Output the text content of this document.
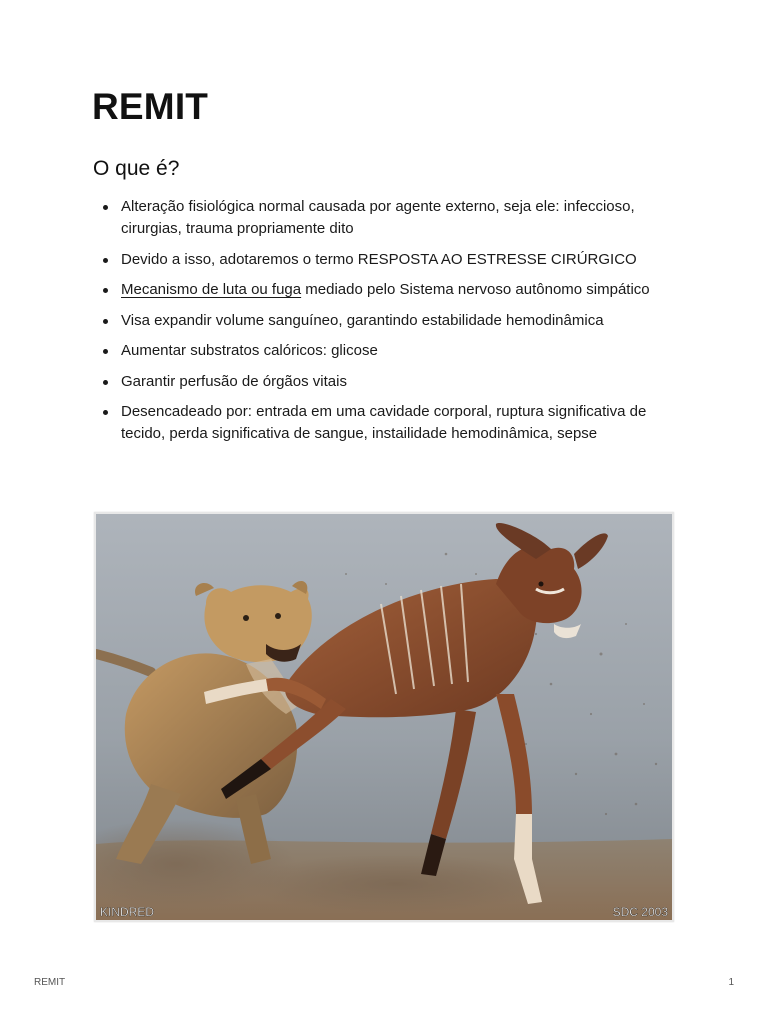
REMIT
O que é?
Alteração fisiológica normal causada por agente externo, seja ele: infeccioso, cirurgias, trauma propriamente dito
Devido a isso, adotaremos o termo RESPOSTA AO ESTRESSE CIRÚRGICO
Mecanismo de luta ou fuga mediado pelo Sistema nervoso autônomo simpático
Visa expandir volume sanguíneo, garantindo estabilidade hemodinâmica
Aumentar substratos calóricos: glicose
Garantir perfusão de órgãos vitais
Desencadeado por: entrada em uma cavidade corporal, ruptura significativa de tecido, perda significativa de sangue, instailidade hemodinâmica, sepse
KINDRED	SDC 2003
REMIT	1
